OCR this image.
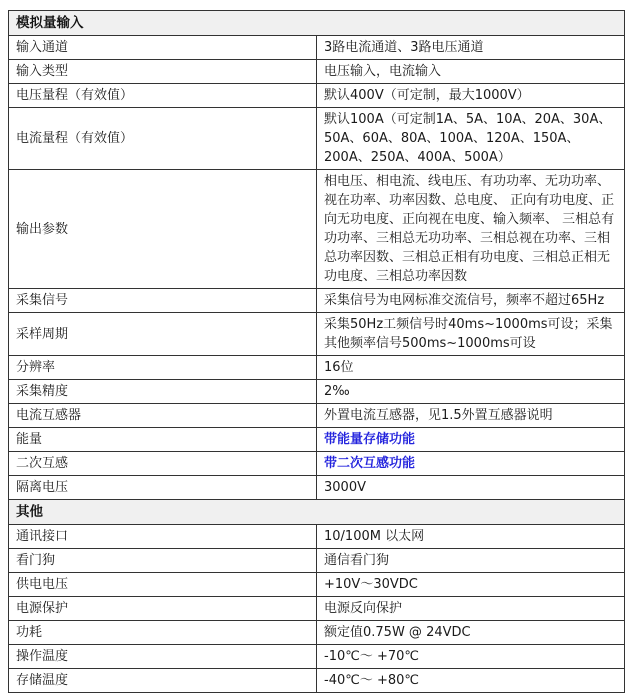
模拟量输入	
输入通道	3路电流通道、3路电压通道
输入类型	电压输入，电流输入
电压量程（有效值）	默认400V（可定制，最大1000V）
电流量程（有效值）	默认100A（可定制1A、5A、10A、20A、30A、50A、60A、80A、100A、120A、150A、200A、250A、400A、500A）
输出参数	相电压、相电流、线电压、有功功率、无功功率、视在功率、功率因数、总电度、 正向有功电度、正向无功电度、正向视在电度、输入频率、 三相总有功功率、三相总无功功率、三相总视在功率、三相总功率因数、三相总正相有功电度、三相总正相无功电度、三相总功率因数
采集信号	采集信号为电网标准交流信号，频率不超过65Hz
采样周期	采集50Hz工频信号时40ms~1000ms可设；采集其他频率信号500ms~1000ms可设
分辨率	16位
采集精度	2‰
电流互感器	外置电流互感器，见1.5外置互感器说明
能量	带能量存储功能
二次互感	带二次互感功能
隔离电压	3000V
其他	
通讯接口	10/100M 以太网
看门狗	通信看门狗
供电电压	+10V～30VDC
电源保护	电源反向保护
功耗	额定值0.75W @ 24VDC
操作温度	-10℃～ +70℃
存储温度	-40℃～ +80℃
